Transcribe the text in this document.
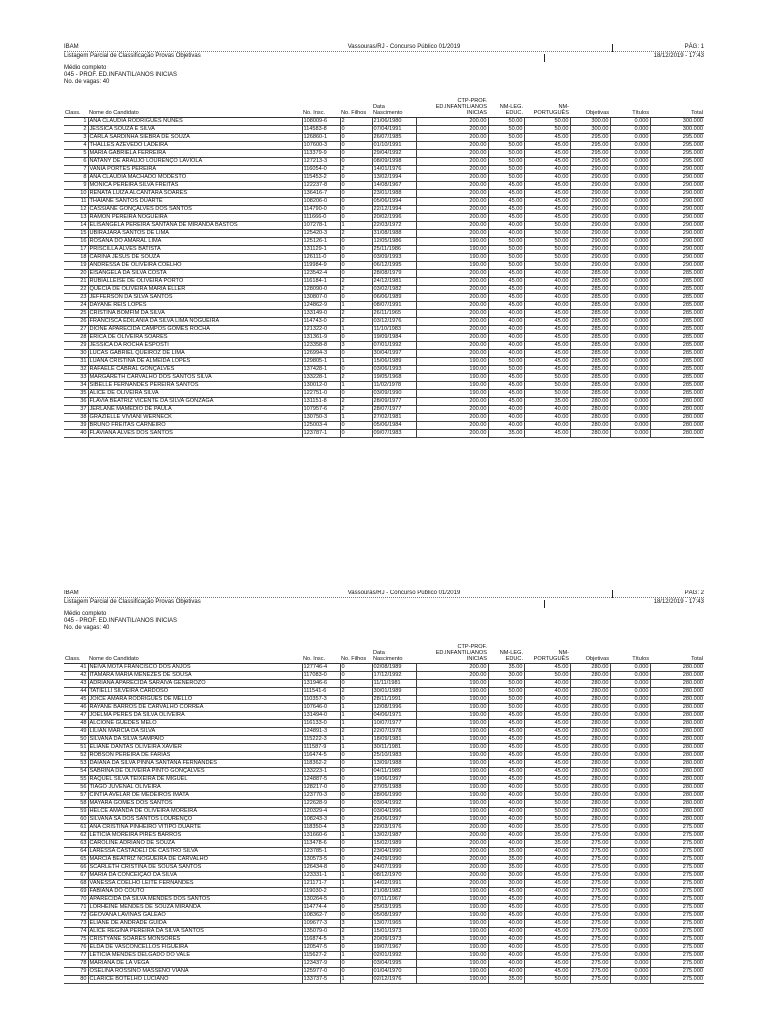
IBAM
Listagem Parcial de Classificação Provas Objetivas
Vassouras/RJ - Concurso Público 01/2019	PÁG: 1
18/12/2019 - 17:43
Médio completo
045 - PROF. ED.INFANTIL/ANOS INICIAS
No. de vagas: 40
Class.	Nome do Candidato	No. Insc.	No. Filhos	Data Nascimento	CTP-PROF. ED.INFANTIL/ANOS INICIAS	NM-LEG. EDUC.	NM- PORTUGUÊS	Objetivas	Títulos	Total
1	ANA CLAUDIA RODRIGUES NUNES	108009-6	2	21/06/1980	200.00	50.00	50.00	300.00	0.000	300.000
2	JESSICA SOUZA E SILVA	114583-8	0	07/04/1991	200.00	50.00	50.00	300.00	0.000	300.000
3	CARLA SARDINHA SIEBRA DE SOUZA	126860-1	0	26/07/1985	200.00	50.00	45.00	295.00	0.000	295.000
4	THALLES AZEVEDO LADEIRA	107600-3	0	01/10/1991	200.00	50.00	45.00	295.00	0.000	295.000
5	MARIA GABRIELA FERREIRA	113379-9	0	29/04/1992	200.00	50.00	45.00	295.00	0.000	295.000
6	NATANY DE ARAUJO LOURENÇO LAVIOLA	127213-3	0	08/09/1998	200.00	50.00	45.00	295.00	0.000	295.000
7	VANIA PORTES PEREIRA	116054-0	2	14/01/1976	200.00	50.00	40.00	290.00	0.000	290.000
8	ANA CLAUDIA MACHADO MODESTO	115453-2	0	13/02/1994	200.00	50.00	40.00	290.00	0.000	290.000
9	MONICA PEREIRA SILVA FREITAS	122237-8	0	14/08/1967	200.00	45.00	45.00	290.00	0.000	290.000
10	RENATA LUIZA ALCANTARA SOARES	136416-7	0	23/01/1988	200.00	45.00	45.00	290.00	0.000	290.000
11	THAIANE SANTOS DUARTE	108206-0	0	05/06/1994	200.00	45.00	45.00	290.00	0.000	290.000
12	CASSIANE GONÇALVES DOS SANTOS	114790-0	0	22/12/1994	200.00	45.00	45.00	290.00	0.000	290.000
13	RAMON PEREIRA NOGUEIRA	111666-0	0	20/02/1996	200.00	45.00	45.00	290.00	0.000	290.000
14	ELISANGELA PEREIRA SANTANA DE MIRANDA BASTOS	107278-1	1	22/03/1972	200.00	40.00	50.00	290.00	0.000	290.000
15	UBIRAJARA SANTOS DE LIMA	125420-3	2	31/08/1988	200.00	40.00	50.00	290.00	0.000	290.000
16	ROSANA DO AMARAL LIMA	125126-1	0	12/05/1986	190.00	50.00	50.00	290.00	0.000	290.000
17	PRISCILLA ALVES BATISTA	131129-1	0	25/11/1986	190.00	50.00	50.00	290.00	0.000	290.000
18	CARINA JESUS DE SOUZA	126111-0	0	03/09/1993	190.00	50.00	50.00	290.00	0.000	290.000
19	ANDRESSA DE OLIVEIRA COELHO	119984-9	0	06/12/1995	190.00	50.00	50.00	290.00	0.000	290.000
20	EISANGELA DA SILVA COSTA	123542-4	0	28/08/1979	200.00	45.00	40.00	285.00	0.000	285.000
21	RUBIALLEISE DE OLIVEIRA PORTO	116184-1	2	24/12/1981	200.00	45.00	40.00	285.00	0.000	285.000
22	QUECIA DE OLIVEIRA MARIA ELLER	128090-0	2	03/02/1982	200.00	45.00	40.00	285.00	0.000	285.000
23	JEFFERSON DA SILVA SANTOS	130807-0	0	06/06/1989	200.00	45.00	40.00	285.00	0.000	285.000
24	DAYANE REIS LOPES	124862-9	1	08/07/1991	200.00	45.00	40.00	285.00	0.000	285.000
25	CRISTINA BOMFIM DA SILVA	133149-0	2	26/11/1965	200.00	40.00	45.00	285.00	0.000	285.000
26	FRANCISCA EDILANIA DA SILVA LIMA NOGUEIRA	114743-0	2	03/12/1976	200.00	40.00	45.00	285.00	0.000	285.000
27	DIONE APARECIDA CAMPOS GOMES ROCHA	121322-0	1	11/10/1983	200.00	40.00	45.00	285.00	0.000	285.000
28	ERICA DE OLIVEIRA SOARES	131361-9	0	19/09/1984	200.00	40.00	45.00	285.00	0.000	285.000
29	JESSICA DA ROCHA ESPOSTI	123358-8	3	07/01/1992	200.00	40.00	45.00	285.00	0.000	285.000
30	LUCAS GABRIEL QUEIROZ DE LIMA	126994-3	0	30/04/1997	200.00	40.00	45.00	285.00	0.000	285.000
31	LUANA CRISTINA DE ALMEIDA LOPES	129805-1	1	15/06/1989	190.00	50.00	45.00	285.00	0.000	285.000
32	RAFAELE CABRAL GONÇALVES	137428-1	0	03/06/1993	190.00	50.00	45.00	285.00	0.000	285.000
33	MARGARETH CARVALHO DOS SANTOS SILVA	133228-1	2	19/05/1968	190.00	45.00	50.00	285.00	0.000	285.000
34	SIBELLE FERNANDES PEREIRA SANTOS	130012-0	1	11/02/1978	190.00	45.00	50.00	285.00	0.000	285.000
35	ALICE DE OLIVEIRA SILVA	122751-0	0	03/09/1990	190.00	45.00	50.00	285.00	0.000	285.000
36	FLAVIA BEATRIZ VICENTE DA SILVA GONZAGA	131151-8	2	28/09/1977	200.00	45.00	35.00	280.00	0.000	280.000
37	JERLANE MAMEDIO DE PAULA	107957-6	2	28/07/1977	200.00	40.00	40.00	280.00	0.000	280.000
38	GRAZIELLE VIVIANI WERNECK	130750-3	1	27/02/1981	200.00	40.00	40.00	280.00	0.000	280.000
39	BRUNO FREITAS CARNEIRO	125003-4	0	05/06/1984	200.00	40.00	40.00	280.00	0.000	280.000
40	FLAVIANA ALVES DOS SANTOS	123787-1	0	09/07/1983	200.00	35.00	45.00	280.00	0.000	280.000
IBAM
Listagem Parcial de Classificação Provas Objetivas
Vassouras/RJ - Concurso Público 01/2019	PÁG: 2
18/12/2019 - 17:43
Médio completo
045 - PROF. ED.INFANTIL/ANOS INICIAS
No. de vagas: 40
Class.	Nome do Candidato	No. Insc.	No. Filhos	Data Nascimento	CTP-PROF. ED.INFANTIL/ANOS INICIAS	NM-LEG. EDUC.	NM- PORTUGUÊS	Objetivas	Títulos	Total
41	NEIVA MOTA FRANCISCO DOS ANJOS	127746-4	0	02/08/1989	200.00	35.00	45.00	280.00	0.000	280.000
42	ITAMARA MARIA MENEZES DE SOUSA	117083-0	0	17/12/1992	200.00	30.00	50.00	280.00	0.000	280.000
43	ADRIANA APARECIDA SARAIVA GENEROZO	131946-6	0	11/11/1981	190.00	50.00	40.00	280.00	0.000	280.000
44	TATIELLI SILVEIRA CARDOSO	111541-6	2	30/01/1989	190.00	50.00	40.00	280.00	0.000	280.000
45	JOICE AMARA RODRIGUES DE MELLO	110357-3	0	28/11/1991	190.00	50.00	40.00	280.00	0.000	280.000
46	RAYANE BARROS DE CARVALHO CORREA	107646-0	1	12/08/1996	190.00	50.00	40.00	280.00	0.000	280.000
47	JOELMA PERES DA SILVA OLIVEIRA	131494-0	1	04/06/1971	190.00	45.00	45.00	280.00	0.000	280.000
48	ALCIONE GUEDES MELO	116133-0	1	10/07/1977	190.00	45.00	45.00	280.00	0.000	280.000
49	LILIAN MARCIA DA SILVA	124891-3	2	22/07/1978	190.00	45.00	45.00	280.00	0.000	280.000
50	SILVANA DA SILVA SAMPAIO	115222-3	1	18/09/1981	190.00	45.00	45.00	280.00	0.000	280.000
51	ELIANE DANTAS OLIVEIRA XAVIER	111587-9	1	30/11/1981	190.00	45.00	45.00	280.00	0.000	280.000
52	ROBSON PEREIRA DE FARIAS	116474-5	0	25/10/1983	190.00	45.00	45.00	280.00	0.000	280.000
53	DAIANA DA SILVA PINNA SANTANA FERNANDES	118362-2	0	13/09/1988	190.00	45.00	45.00	280.00	0.000	280.000
54	SABRINA DE OLIVEIRA PINTO GONÇALVES	133223-1	0	04/11/1989	190.00	45.00	45.00	280.00	0.000	280.000
55	RAQUEL SILVA TEIXEIRA DE MIGUEL	124887-5	0	19/06/1997	190.00	45.00	45.00	280.00	0.000	280.000
56	TIAGO JUVENAL OLIVEIRA	128217-0	0	27/05/1988	190.00	40.00	50.00	280.00	0.000	280.000
57	CINTIA AVELAR DE MEDEIROS IMATA	123770-3	0	28/06/1990	190.00	40.00	50.00	280.00	0.000	280.000
58	MAYARA GOMES DOS SANTOS	122628-9	0	03/04/1992	190.00	40.00	50.00	280.00	0.000	280.000
59	HELCE AMANDA DE OLIVEIRA MOREIRA	120329-4	0	03/04/1996	190.00	40.00	50.00	280.00	0.000	280.000
60	SILVANA SA DOS SANTOS LOURENÇO	108243-3	0	26/06/1997	190.00	40.00	50.00	280.00	0.000	280.000
61	ANA CRISTINA PINHEIRO VITIPO DUARTE	118350-4	3	22/03/1976	200.00	40.00	35.00	275.00	0.000	275.000
62	LETICIA MOREIRA PIRES BARROS	131660-6	1	13/02/1987	200.00	40.00	35.00	275.00	0.000	275.000
63	CAROLINE ADRIANO DE SOUZA	113478-6	0	15/02/1989	200.00	40.00	35.00	275.00	0.000	275.000
64	LARESSA CASTADELI DE CASTRO SILVA	123785-1	0	23/04/1990	200.00	35.00	40.00	275.00	0.000	275.000
65	MARCIA BEATRIZ NOGUEIRA DE CARVALHO	130573-5	0	24/09/1990	200.00	35.00	40.00	275.00	0.000	275.000
66	SCARLETH CRISTINA DE SOUSA SANTOS	126434-8	0	24/07/1999	200.00	35.00	40.00	275.00	0.000	275.000
67	MARIA DA CONCEIÇAO DA SILVA	123331-1	1	08/12/1970	200.00	30.00	45.00	275.00	0.000	275.000
68	VANESSA COELHO LEITE FERNANDES	121171-7	1	14/02/1991	200.00	30.00	45.00	275.00	0.000	275.000
69	FABIANA DO COUTO	119030-2	1	21/08/1982	190.00	45.00	40.00	275.00	0.000	275.000
70	APARECIDA DA SILVA MENDES DOS SANTOS	130264-5	0	07/11/1967	190.00	45.00	40.00	275.00	0.000	275.000
71	LORHEINE MENDES DE SOUZA MIRANDA	114774-4	0	25/03/1995	190.00	45.00	40.00	275.00	0.000	275.000
72	GEOVANA LAVINAS GALEAO	108362-7	0	05/08/1997	190.00	45.00	40.00	275.00	0.000	275.000
73	ELIANE DE ANDRADE GUIDA	109677-3	3	13/07/1965	190.00	40.00	45.00	275.00	0.000	275.000
74	ALICE REGINA PEREIRA DA SILVA SANTOS	135079-0	2	15/01/1973	190.00	40.00	45.00	275.00	0.000	275.000
75	CRISTYANE SOARES MONSORES	116874-5	3	20/09/1973	190.00	40.00	45.00	275.00	0.000	275.000
76	ELDA DE VASCONCELLOS FIGUEIRA	120547-5	0	19/07/1967	190.00	40.00	45.00	275.00	0.000	275.000
77	LETICIA MENDES DELGADO DO VALE	115627-2	1	02/01/1992	190.00	40.00	45.00	275.00	0.000	275.000
78	MARIANA DE LA VEGA	123437-9	0	03/04/1995	190.00	40.00	45.00	275.00	0.000	275.000
79	OSELINA ROSSINO MASSENO VIANA	125977-0	0	01/04/1970	190.00	40.00	45.00	275.00	0.000	275.000
80	CLARICE BOTELHO LUCIANO	133737-5	1	02/12/1976	190.00	35.00	50.00	275.00	0.000	275.000
